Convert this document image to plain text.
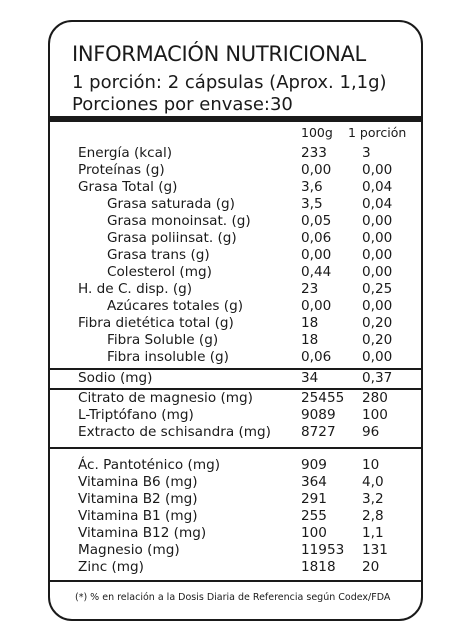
INFORMACIÓN NUTRICIONAL
1 porción: 2 cápsulas (Aprox. 1,1g)
Porciones por envase:30
100g 1 porción
Energía (kcal)	233	3
Proteínas (g)	0,00 0,00
Grasa Total (g)	3,6	0,04
Grasa saturada (g)	3,5	0,04
Grasa monoinsat. (g)	0,05 0,00
Grasa poliinsat. (g)	0,06 0,00
Grasa trans (g)	0,00 0,00
Colesterol (mg)	0,44 0,00
H. de C. disp. (g)	23	0,25
Azúcares totales (g)	0,00 0,00
Fibra dietética total (g)	18	0,20
Fibra Soluble (g)	18	0,20
Fibra insoluble (g)	0,06 0,00
Sodio (mg)	34	0,37
Citrato de magnesio (mg)	25455 280
L-Triptófano (mg)	9089 100
Extracto de schisandra (mg) 8727 96
Ác. Pantoténico (mg)	909	10
Vitamina B6 (mg)	364	4,0
Vitamina B2 (mg)	291	3,2
Vitamina B1 (mg)	255	2,8
Vitamina B12 (mg)	100	1,1
Magnesio (mg)	11953 131
Zinc (mg)	1818 20
(*) % en relación a la Dosis Diaria de Referencia según Codex/FDA
